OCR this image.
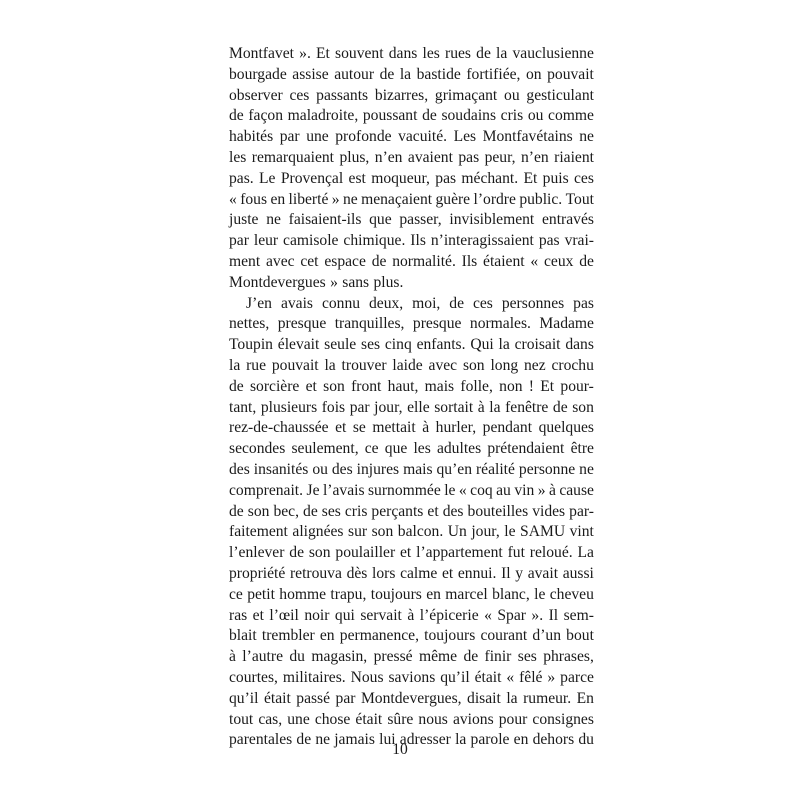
Montfavet ». Et souvent dans les rues de la vauclusienne
bourgade assise autour de la bastide fortifiée, on pouvait
observer ces passants bizarres, grimaçant ou gesticulant
de façon maladroite, poussant de soudains cris ou comme
habités par une profonde vacuité. Les Montfavétains ne
les remarquaient plus, n’en avaient pas peur, n’en riaient
pas. Le Provençal est moqueur, pas méchant. Et puis ces
« fous en liberté » ne menaçaient guère l’ordre public. Tout
juste ne faisaient-ils que passer, invisiblement entravés
par leur camisole chimique. Ils n’interagissaient pas vrai-
ment avec cet espace de normalité. Ils étaient « ceux de
Montdevergues » sans plus.
J’en avais connu deux, moi, de ces personnes pas
nettes, presque tranquilles, presque normales. Madame
Toupin élevait seule ses cinq enfants. Qui la croisait dans
la rue pouvait la trouver laide avec son long nez crochu
de sorcière et son front haut, mais folle, non ! Et pour-
tant, plusieurs fois par jour, elle sortait à la fenêtre de son
rez-de-chaussée et se mettait à hurler, pendant quelques
secondes seulement, ce que les adultes prétendaient être
des insanités ou des injures mais qu’en réalité personne ne
comprenait. Je l’avais surnommée le « coq au vin » à cause
de son bec, de ses cris perçants et des bouteilles vides par-
faitement alignées sur son balcon. Un jour, le SAMU vint
l’enlever de son poulailler et l’appartement fut reloué. La
propriété retrouva dès lors calme et ennui. Il y avait aussi
ce petit homme trapu, toujours en marcel blanc, le cheveu
ras et l’œil noir qui servait à l’épicerie « Spar ». Il sem-
blait trembler en permanence, toujours courant d’un bout
à l’autre du magasin, pressé même de finir ses phrases,
courtes, militaires. Nous savions qu’il était « fêlé » parce
qu’il était passé par Montdevergues, disait la rumeur. En
tout cas, une chose était sûre nous avions pour consignes
parentales de ne jamais lui adresser la parole en dehors du
10
